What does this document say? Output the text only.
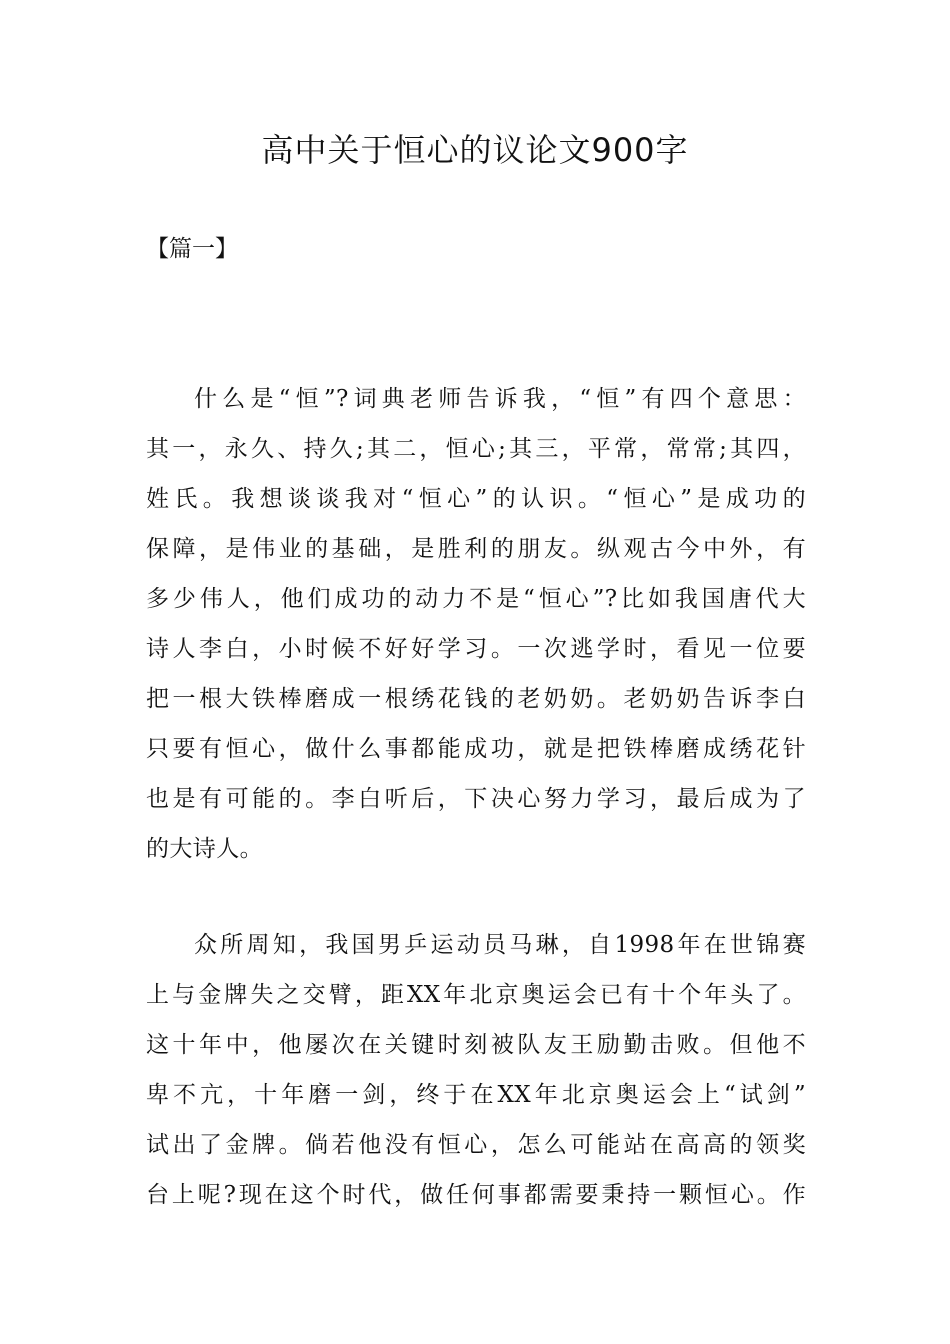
高中关于恒心的议论文900字
【篇一】
什么是“恒”?词典老师告诉我，“恒”有四个意思：
其一，永久、持久;其二，恒心;其三，平常，常常;其四，
姓氏。我想谈谈我对“恒心”的认识。“恒心”是成功的
保障，是伟业的基础，是胜利的朋友。纵观古今中外，有
多少伟人，他们成功的动力不是“恒心”?比如我国唐代大
诗人李白，小时候不好好学习。一次逃学时，看见一位要
把一根大铁棒磨成一根绣花钱的老奶奶。老奶奶告诉李白
只要有恒心，做什么事都能成功，就是把铁棒磨成绣花针
也是有可能的。李白听后，下决心努力学习，最后成为了
的大诗人。
众所周知，我国男乒运动员马琳，自1998年在世锦赛
上与金牌失之交臂，距XX年北京奥运会已有十个年头了。
这十年中，他屡次在关键时刻被队友王励勤击败。但他不
卑不亢，十年磨一剑，终于在XX年北京奥运会上“试剑”
试出了金牌。倘若他没有恒心，怎么可能站在高高的领奖
台上呢?现在这个时代，做任何事都需要秉持一颗恒心。作
